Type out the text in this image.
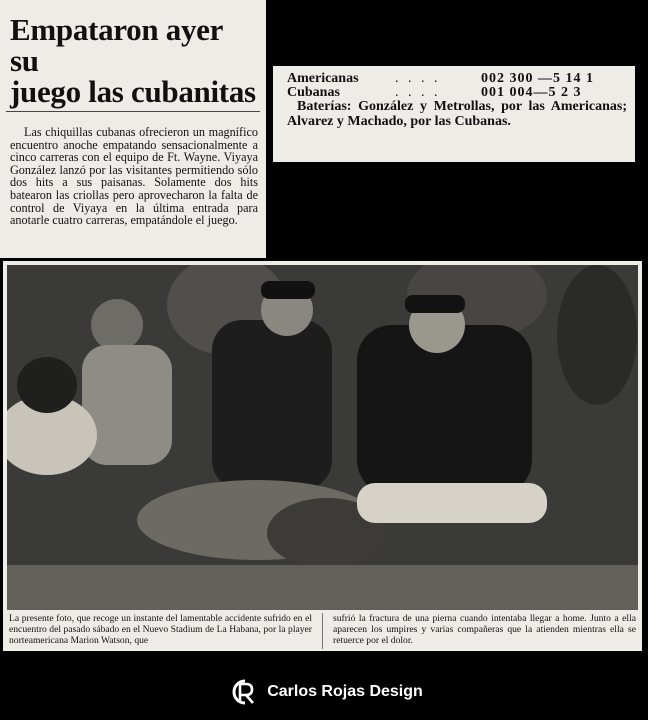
Empataron ayer su
juego las cubanitas
Las chiquillas cubanas ofrecieron un magnífico encuentro anoche empatando sensacionalmente a cinco carreras con el equipo de Ft. Wayne. Viyaya González lanzó por las visitantes permitiendo sólo dos hits a sus paisanas. Solamente dos hits batearon las criollas pero aprovecharon la falta de control de Viyaya en la última entrada para anotarle cuatro carreras, empatándole el juego.
Americanas	. . . .	002 300 —5 14 1
Cubanas	. . . .	001 004—5 2 3
Baterías: González y Metrollas, por las Americanas; Alvarez y Machado, por las Cubanas.
La presente foto, que recoge un instante del lamentable accidente sufrido en el encuentro del pasado sábado en el Nuevo Stadium de La Habana, por la player norteamericana Marion Watson, que
sufrió la fractura de una pierna cuando intentaba llegar a home. Junto a ella aparecen los umpires y varias compañeras que la atienden mientras ella se retuerce por el dolor.
Carlos Rojas Design
